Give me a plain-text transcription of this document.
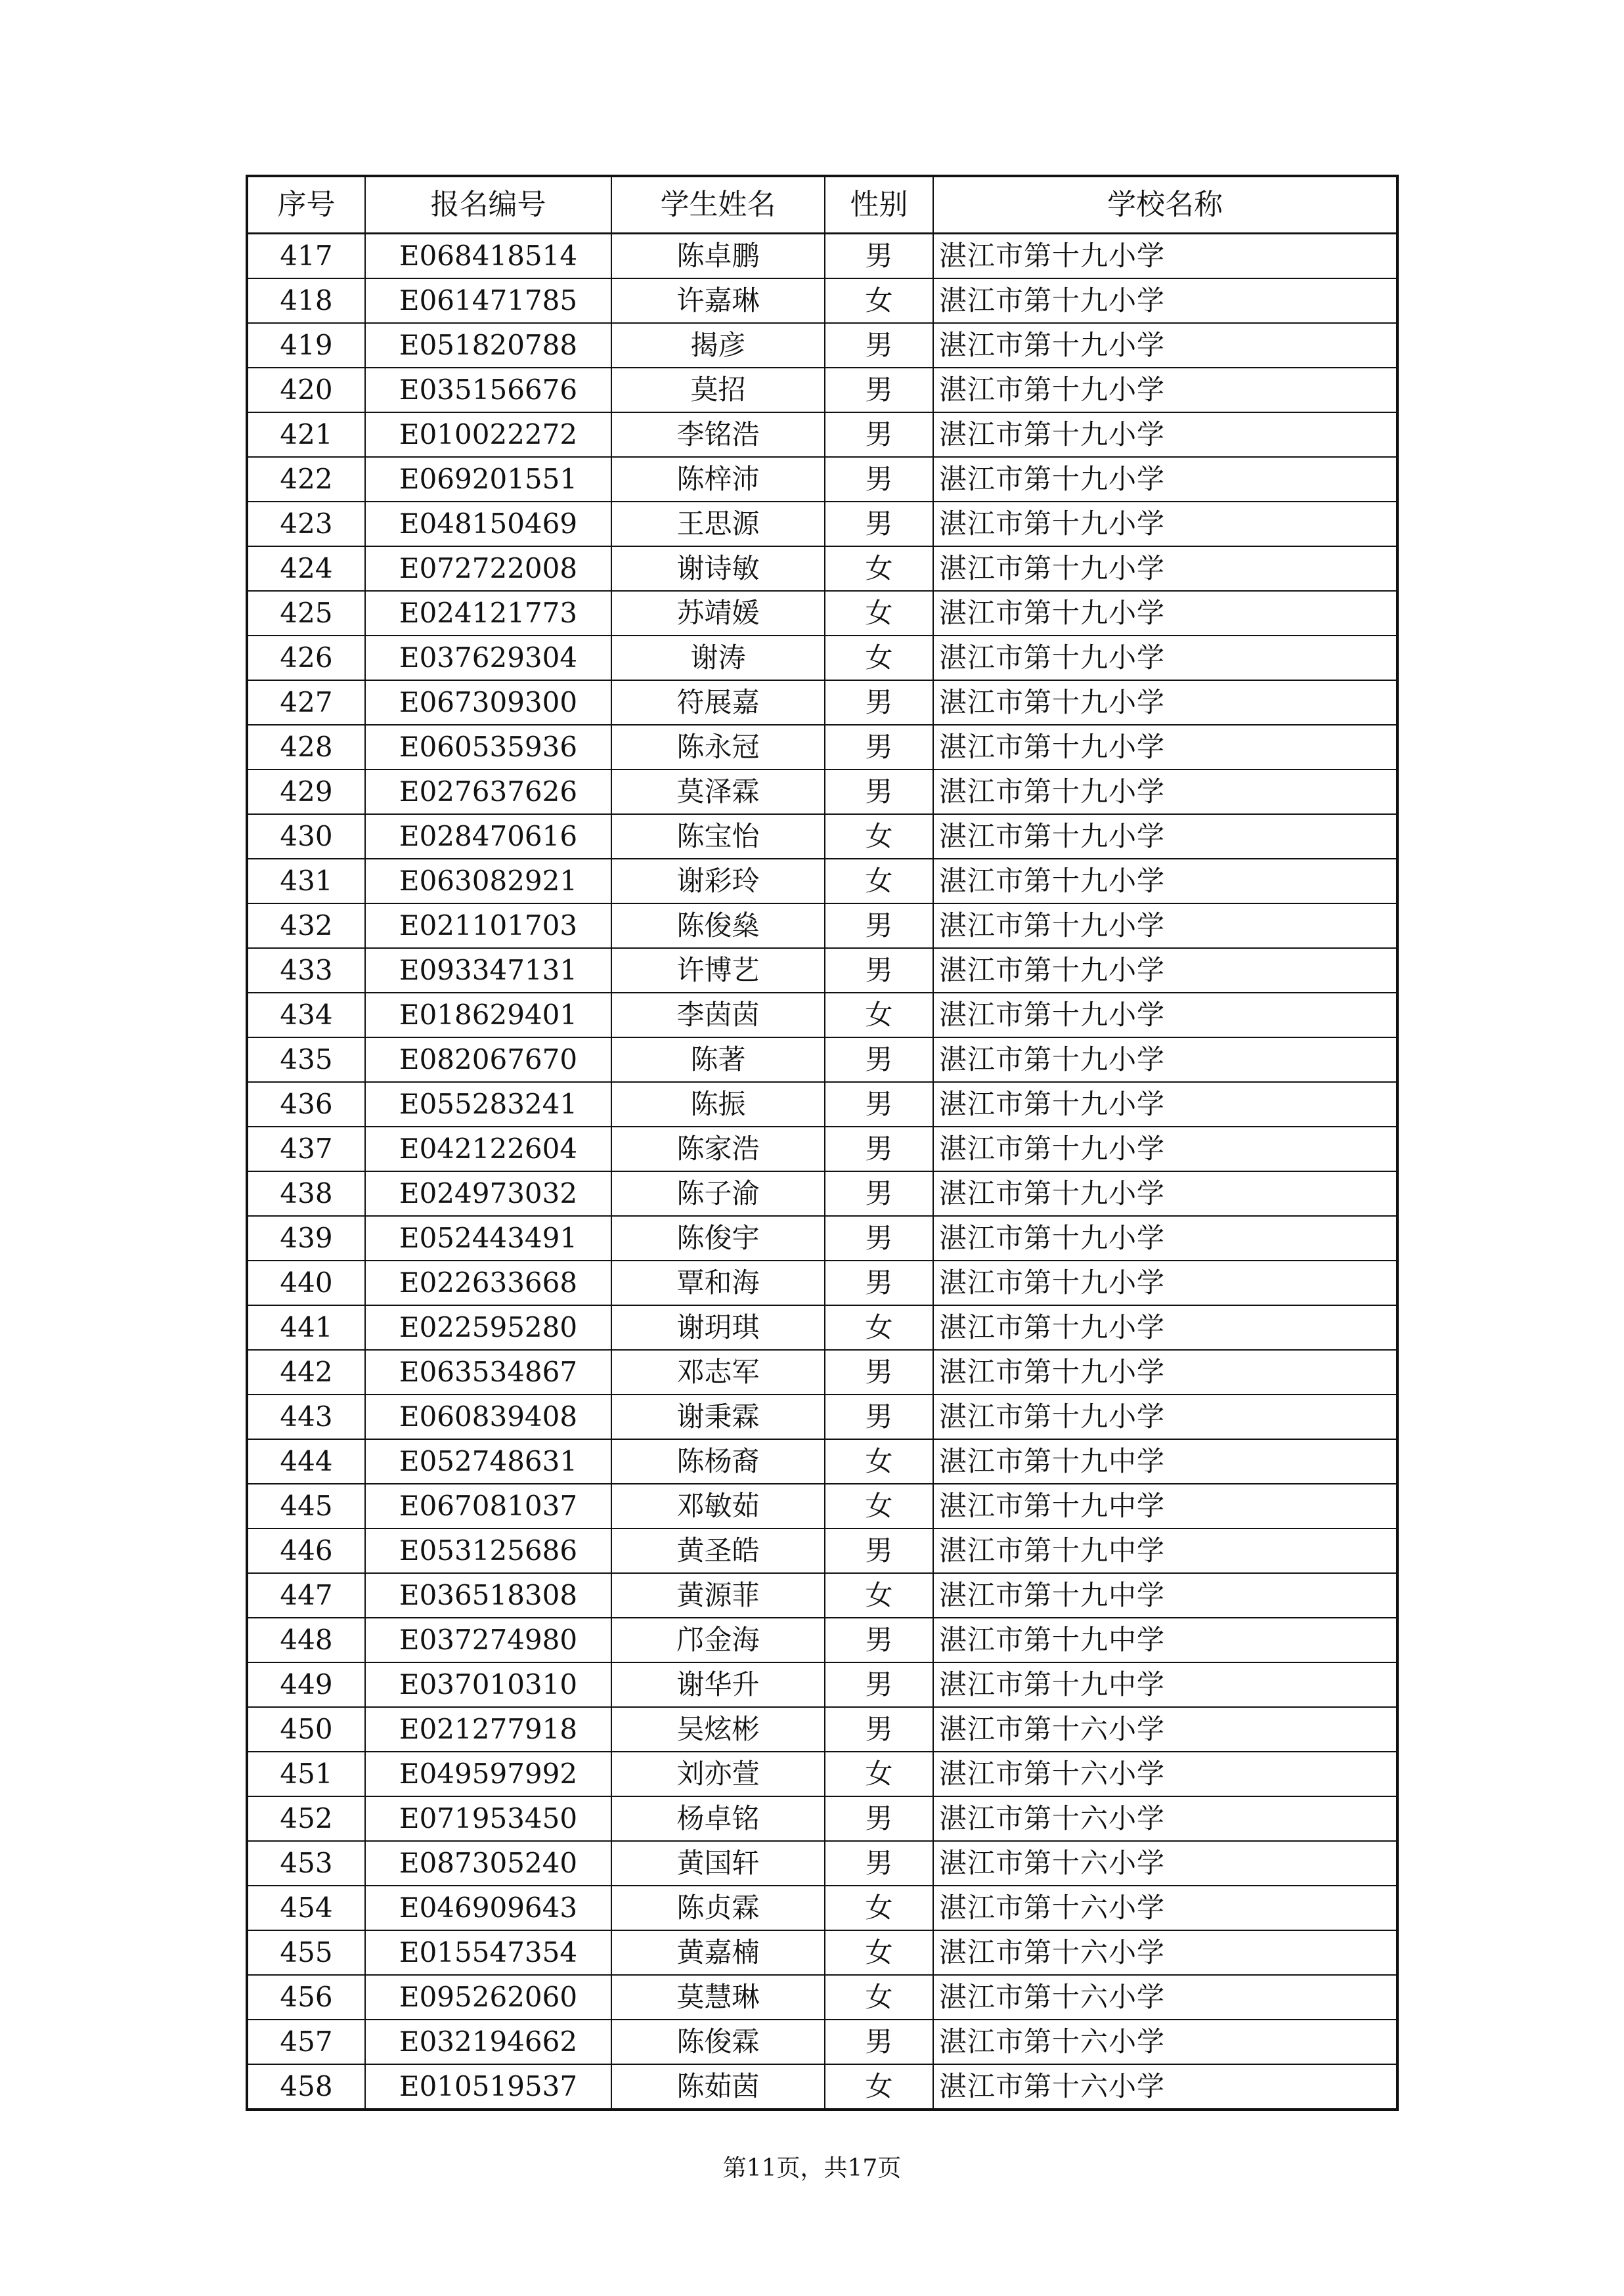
序号	报名编号	学生姓名	性别	学校名称
417	E068418514	陈卓鹏	男	湛江市第十九小学
418	E061471785	许嘉琳	女	湛江市第十九小学
419	E051820788	揭彦	男	湛江市第十九小学
420	E035156676	莫招	男	湛江市第十九小学
421	E010022272	李铭浩	男	湛江市第十九小学
422	E069201551	陈梓沛	男	湛江市第十九小学
423	E048150469	王思源	男	湛江市第十九小学
424	E072722008	谢诗敏	女	湛江市第十九小学
425	E024121773	苏靖媛	女	湛江市第十九小学
426	E037629304	谢涛	女	湛江市第十九小学
427	E067309300	符展嘉	男	湛江市第十九小学
428	E060535936	陈永冠	男	湛江市第十九小学
429	E027637626	莫泽霖	男	湛江市第十九小学
430	E028470616	陈宝怡	女	湛江市第十九小学
431	E063082921	谢彩玲	女	湛江市第十九小学
432	E021101703	陈俊燊	男	湛江市第十九小学
433	E093347131	许博艺	男	湛江市第十九小学
434	E018629401	李茵茵	女	湛江市第十九小学
435	E082067670	陈著	男	湛江市第十九小学
436	E055283241	陈振	男	湛江市第十九小学
437	E042122604	陈家浩	男	湛江市第十九小学
438	E024973032	陈子渝	男	湛江市第十九小学
439	E052443491	陈俊宇	男	湛江市第十九小学
440	E022633668	覃和海	男	湛江市第十九小学
441	E022595280	谢玥琪	女	湛江市第十九小学
442	E063534867	邓志军	男	湛江市第十九小学
443	E060839408	谢秉霖	男	湛江市第十九小学
444	E052748631	陈杨裔	女	湛江市第十九中学
445	E067081037	邓敏茹	女	湛江市第十九中学
446	E053125686	黄圣皓	男	湛江市第十九中学
447	E036518308	黄源菲	女	湛江市第十九中学
448	E037274980	邝金海	男	湛江市第十九中学
449	E037010310	谢华升	男	湛江市第十九中学
450	E021277918	吴炫彬	男	湛江市第十六小学
451	E049597992	刘亦萱	女	湛江市第十六小学
452	E071953450	杨卓铭	男	湛江市第十六小学
453	E087305240	黄国轩	男	湛江市第十六小学
454	E046909643	陈贞霖	女	湛江市第十六小学
455	E015547354	黄嘉楠	女	湛江市第十六小学
456	E095262060	莫慧琳	女	湛江市第十六小学
457	E032194662	陈俊霖	男	湛江市第十六小学
458	E010519537	陈茹茵	女	湛江市第十六小学
第11页，共17页
